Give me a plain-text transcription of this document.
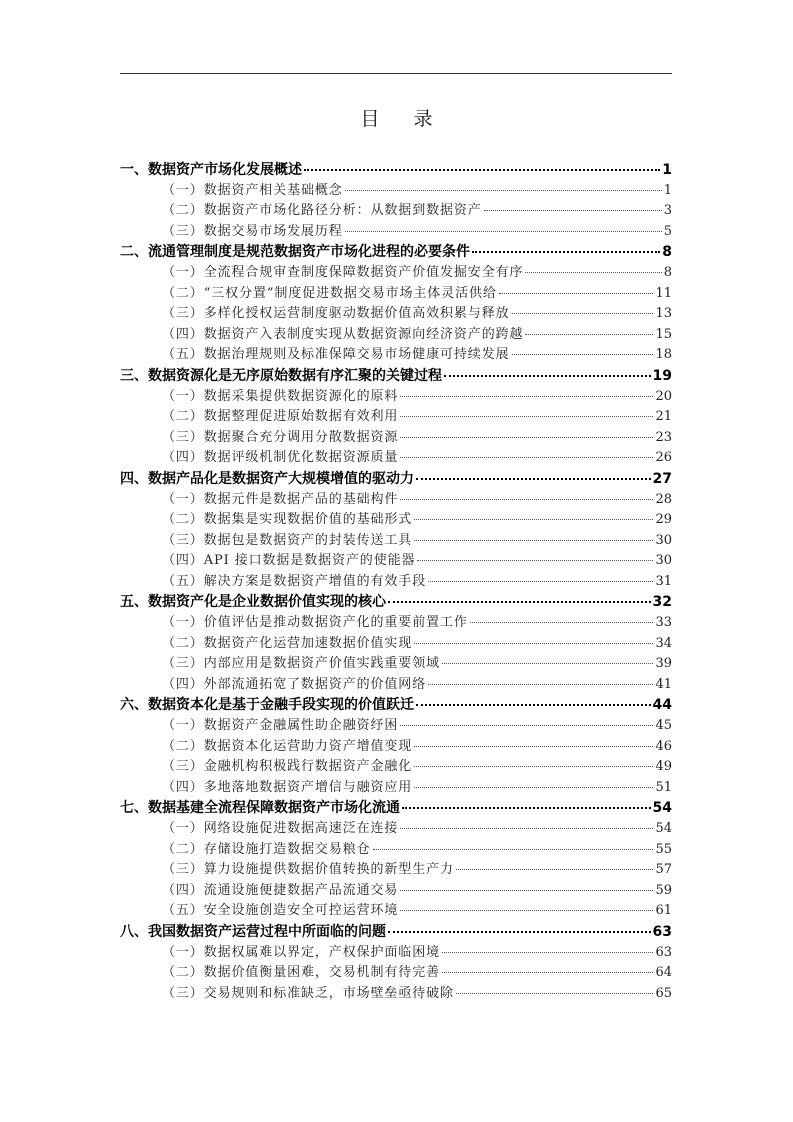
目 录
一、数据资产市场化发展概述	1
（一）数据资产相关基础概念	1
（二）数据资产市场化路径分析：从数据到数据资产	3
（三）数据交易市场发展历程	5
二、流通管理制度是规范数据资产市场化进程的必要条件	8
（一）全流程合规审查制度保障数据资产价值发掘安全有序	8
（二）“三权分置”制度促进数据交易市场主体灵活供给	11
（三）多样化授权运营制度驱动数据价值高效积累与释放	13
（四）数据资产入表制度实现从数据资源向经济资产的跨越	15
（五）数据治理规则及标准保障交易市场健康可持续发展	18
三、数据资源化是无序原始数据有序汇聚的关键过程	19
（一）数据采集提供数据资源化的原料	20
（二）数据整理促进原始数据有效利用	21
（三）数据聚合充分调用分散数据资源	23
（四）数据评级机制优化数据资源质量	26
四、数据产品化是数据资产大规模增值的驱动力	27
（一）数据元件是数据产品的基础构件	28
（二）数据集是实现数据价值的基础形式	29
（三）数据包是数据资产的封装传送工具	30
（四）API 接口数据是数据资产的使能器	30
（五）解决方案是数据资产增值的有效手段	31
五、数据资产化是企业数据价值实现的核心	32
（一）价值评估是推动数据资产化的重要前置工作	33
（二）数据资产化运营加速数据价值实现	34
（三）内部应用是数据资产价值实践重要领域	39
（四）外部流通拓宽了数据资产的价值网络	41
六、数据资本化是基于金融手段实现的价值跃迁	44
（一）数据资产金融属性助企融资纾困	45
（二）数据资本化运营助力资产增值变现	46
（三）金融机构积极践行数据资产金融化	49
（四）多地落地数据资产增信与融资应用	51
七、数据基建全流程保障数据资产市场化流通	54
（一）网络设施促进数据高速泛在连接	54
（二）存储设施打造数据交易粮仓	55
（三）算力设施提供数据价值转换的新型生产力	57
（四）流通设施便捷数据产品流通交易	59
（五）安全设施创造安全可控运营环境	61
八、我国数据资产运营过程中所面临的问题	63
（一）数据权属难以界定，产权保护面临困境	63
（二）数据价值衡量困难，交易机制有待完善	64
（三）交易规则和标准缺乏，市场壁垒亟待破除	65
